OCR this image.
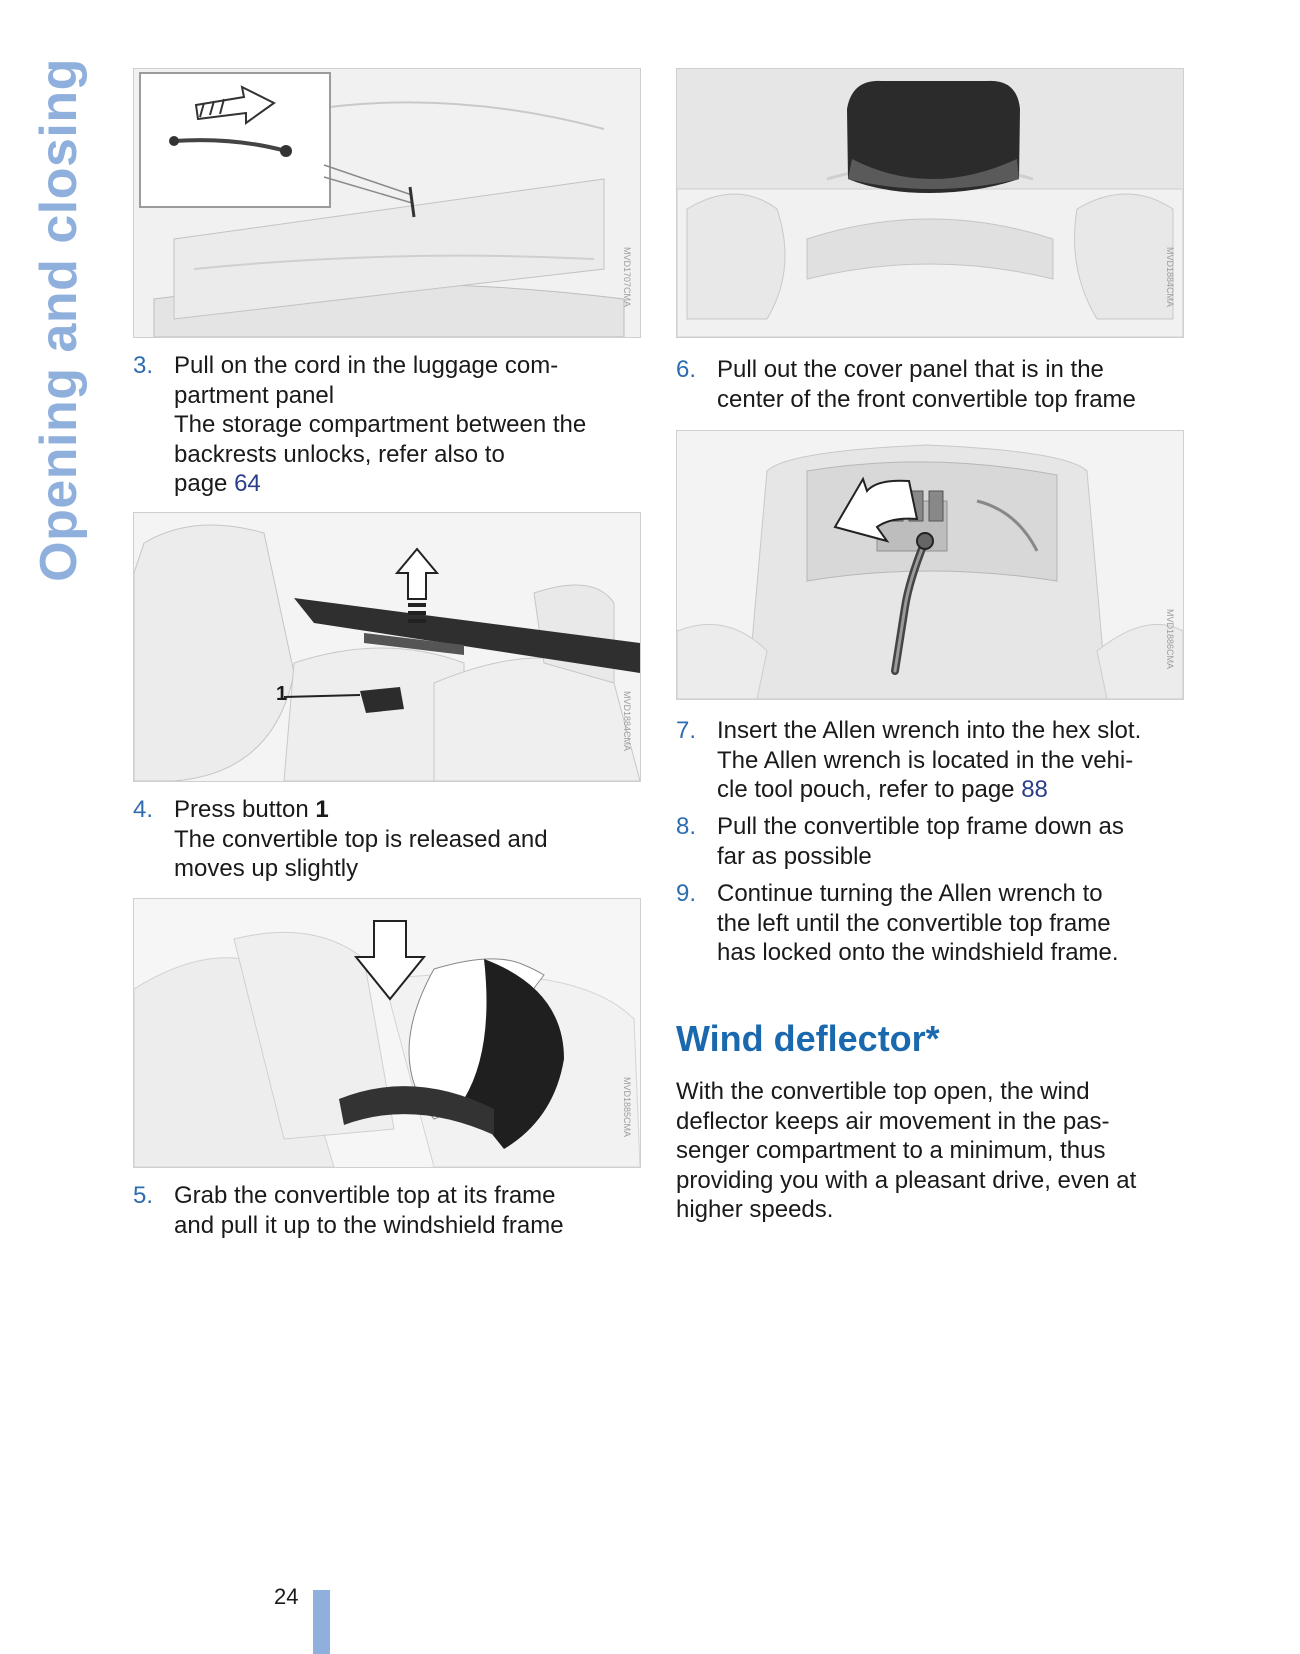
Opening and closing	MVD1707CMA
1	MVD1884CMA
MVD1885CMA
MVD1884CMA
MVD1886CMA
3. Pull on the cord in the luggage com-
partment panel
The storage compartment between the
backrests unlocks, refer also to
page 64
4. Press button 1
The convertible top is released and
moves up slightly
5. Grab the convertible top at its frame
and pull it up to the windshield frame
6. Pull out the cover panel that is in the
center of the front convertible top frame
7. Insert the Allen wrench into the hex slot.
The Allen wrench is located in the vehi-
cle tool pouch, refer to page 88
8. Pull the convertible top frame down as
far as possible
9. Continue turning the Allen wrench to
the left until the convertible top frame
has locked onto the windshield frame.
Wind deflector*
With the convertible top open, the wind
deflector keeps air movement in the pas-
senger compartment to a minimum, thus
providing you with a pleasant drive, even at
higher speeds.
24
